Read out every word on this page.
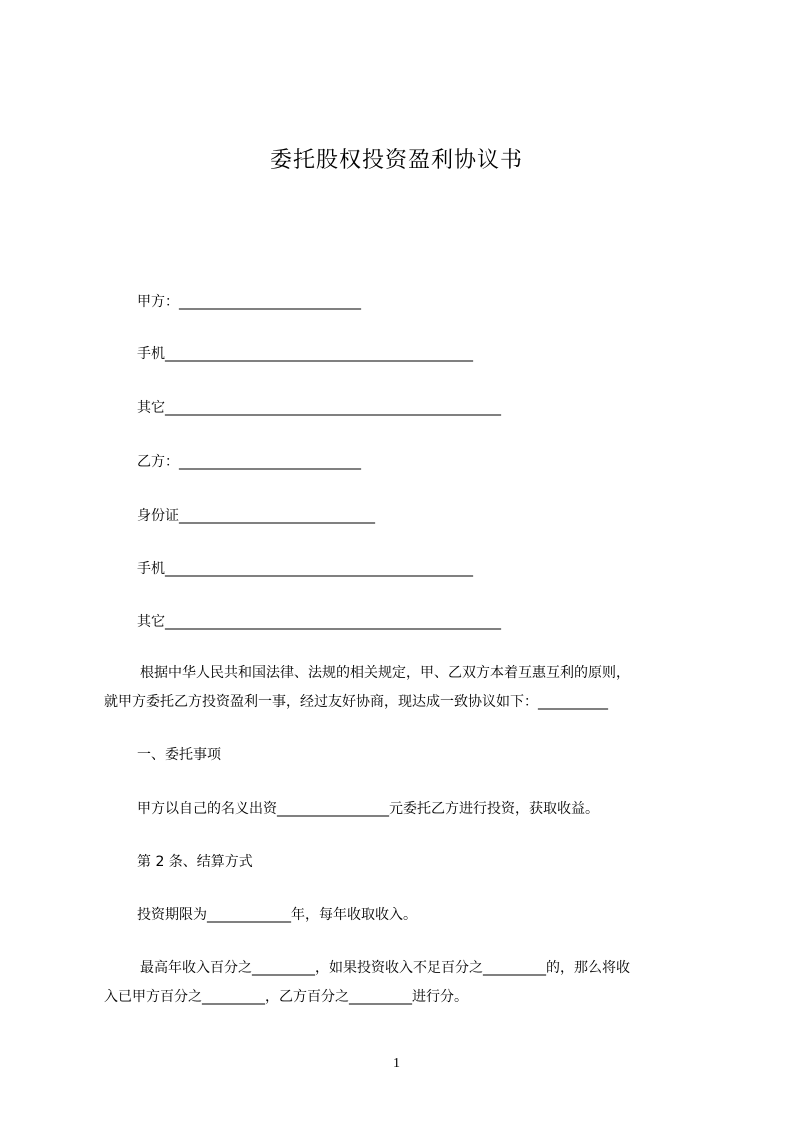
委托股权投资盈利协议书
甲方：__________________________
手机____________________________________________
其它________________________________________________
乙方：__________________________
身份证____________________________
手机____________________________________________
其它________________________________________________
根据中华人民共和国法律、法规的相关规定，甲、乙双方本着互惠互利的原则，
就甲方委托乙方投资盈利一事，经过友好协商，现达成一致协议如下：__________
一、委托事项
甲方以自己的名义出资________________元委托乙方进行投资，获取收益。
第 2 条、结算方式
投资期限为____________年，每年收取收入。
最高年收入百分之_________，如果投资收入不足百分之_________的，那么将收
入已甲方百分之_________，乙方百分之_________进行分。
1
